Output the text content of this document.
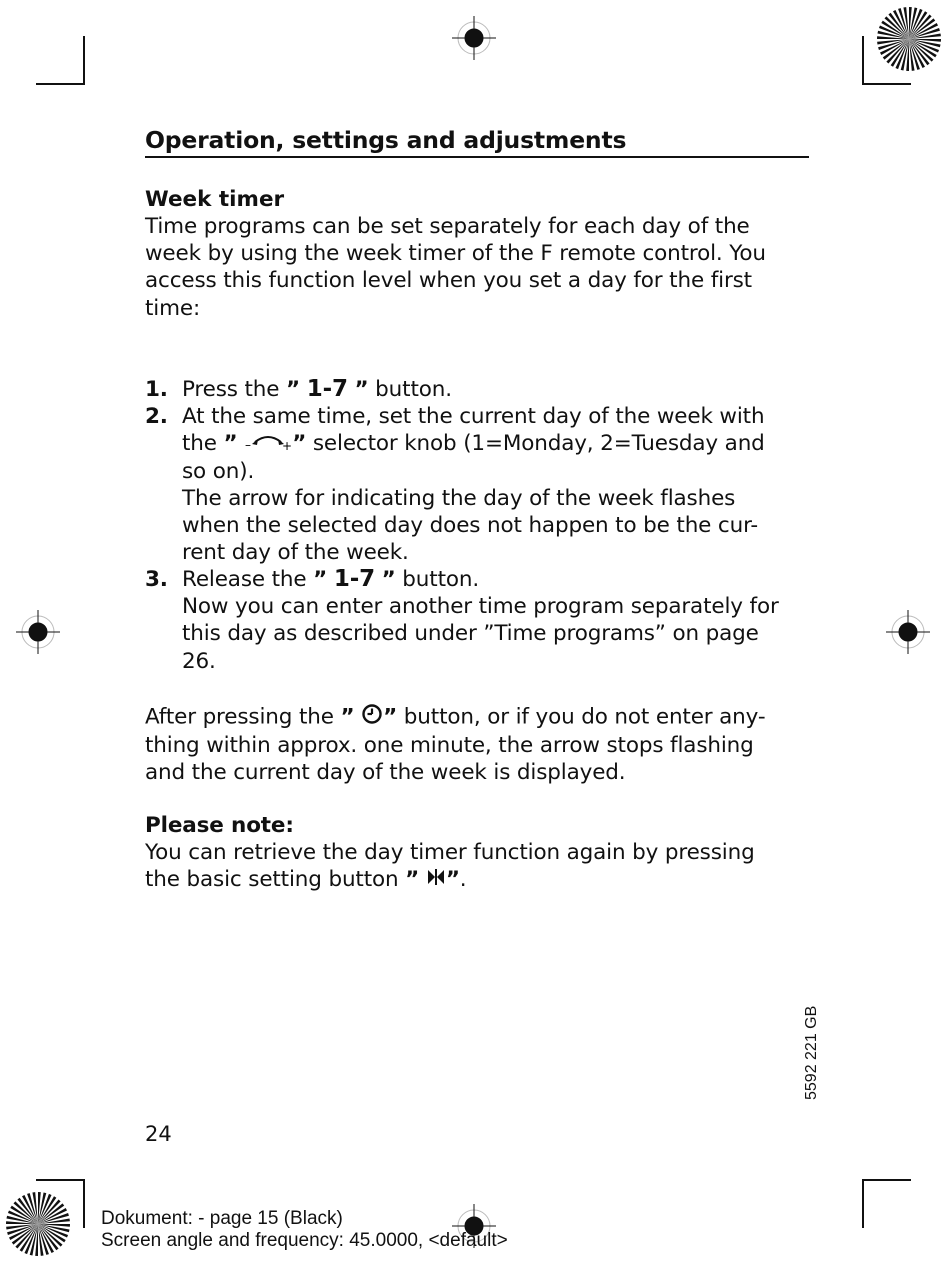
Operation, settings and adjustments
Week timer
Time programs can be set separately for each day of the
week by using the week timer of the F remote control. You
access this function level when you set a day for the first
time:
1. Press the ” 1-7 ” button.
2. At the same time, set the current day of the week with
the ” –	+ ” selector knob (1=Monday, 2=Tuesday and
so on).
The arrow for indicating the day of the week flashes
when the selected day does not happen to be the cur-
rent day of the week.
3. Release the ” 1-7 ” button.
Now you can enter another time program separately for
this day as described under ”Time programs” on page
26.
After pressing the ” ” button, or if you do not enter any-
thing within approx. one minute, the arrow stops flashing
and the current day of the week is displayed.
Please note:
You can retrieve the day timer function again by pressing
the basic setting button ” ”.
5592 221 GB
24
Dokument: - page 15 (Black)
Screen angle and frequency: 45.0000, <default>
